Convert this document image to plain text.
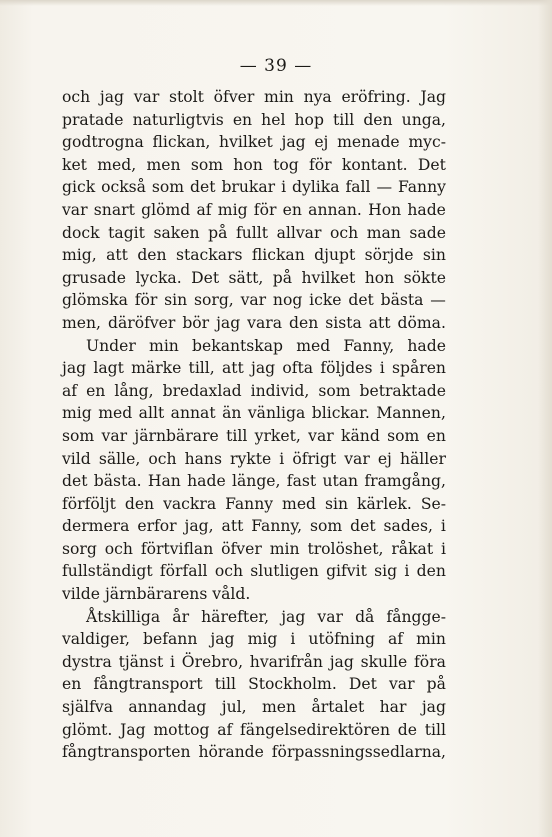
— 39 —
och jag var stolt öfver min nya eröfring. Jag
pratade naturligtvis en hel hop till den unga,
godtrogna flickan, hvilket jag ej menade myc-
ket med, men som hon tog för kontant. Det
gick också som det brukar i dylika fall — Fanny
var snart glömd af mig för en annan. Hon hade
dock tagit saken på fullt allvar och man sade
mig, att den stackars flickan djupt sörjde sin
grusade lycka. Det sätt, på hvilket hon sökte
glömska för sin sorg, var nog icke det bästa —
men, däröfver bör jag vara den sista att döma.
Under min bekantskap med Fanny, hade
jag lagt märke till, att jag ofta följdes i spåren
af en lång, bredaxlad individ, som betraktade
mig med allt annat än vänliga blickar. Mannen,
som var järnbärare till yrket, var känd som en
vild sälle, och hans rykte i öfrigt var ej häller
det bästa. Han hade länge, fast utan framgång,
förföljt den vackra Fanny med sin kärlek. Se-
dermera erfor jag, att Fanny, som det sades, i
sorg och förtviflan öfver min trolöshet, råkat i
fullständigt förfall och slutligen gifvit sig i den
vilde järnbärarens våld.
Åtskilliga år härefter, jag var då fångge-
valdiger, befann jag mig i utöfning af min
dystra tjänst i Örebro, hvarifrån jag skulle föra
en fångtransport till Stockholm. Det var på
själfva annandag jul, men årtalet har jag
glömt. Jag mottog af fängelsedirektören de till
fångtransporten hörande förpassningssedlarna,
